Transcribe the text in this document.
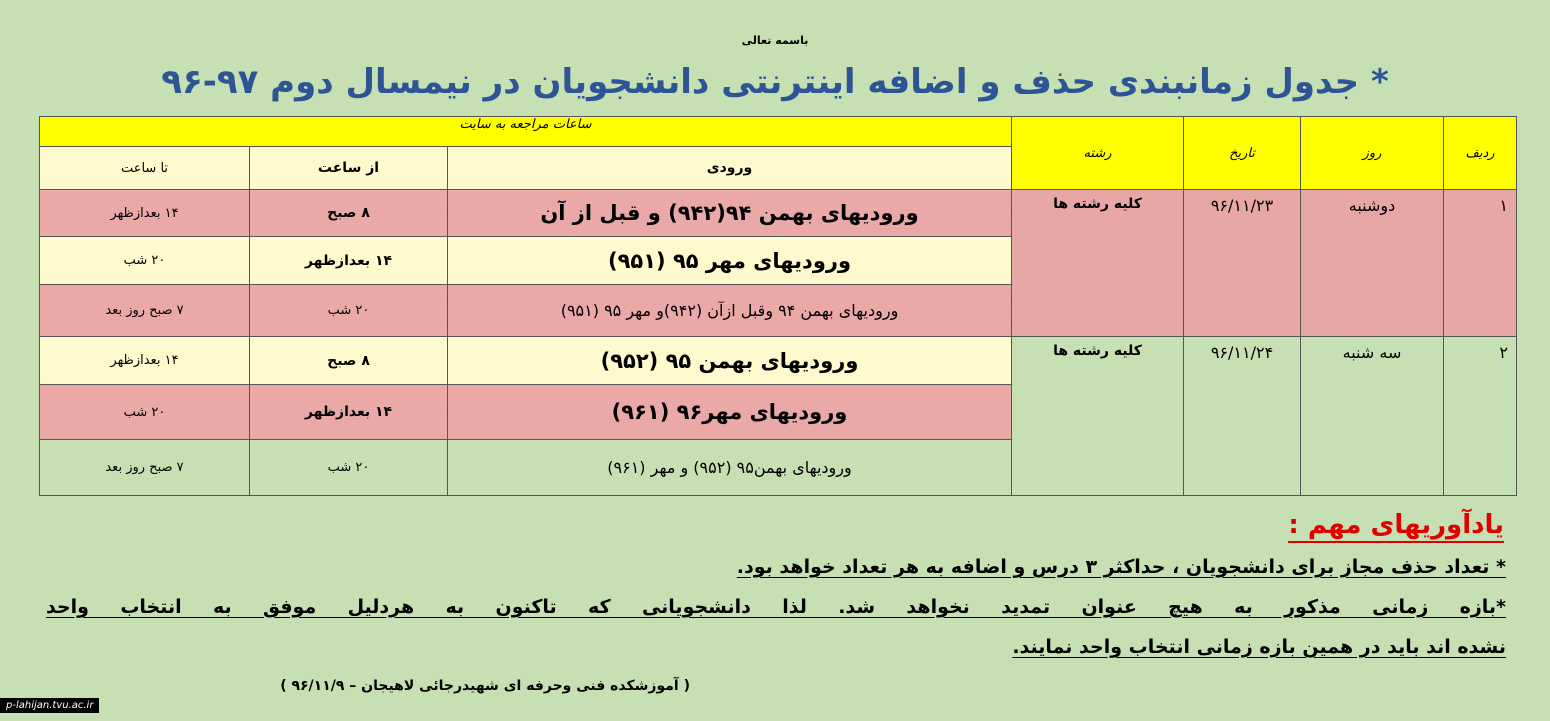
باسمه تعالی
* جدول زمانبندی حذف و اضافه اینترنتی دانشجویان در نیمسال دوم ۹۷-۹۶
ردیف	روز	تاریخ	رشته	ساعات مراجعه به سایت		
				ورودی	از ساعت	تا ساعت
۱	دوشنبه	۹۶/۱۱/۲۳	کلیه رشته ها	ورودیهای بهمن ۹۴(۹۴۲) و قبل از آن	۸ صبح	۱۴ بعدازظهر
				ورودیهای مهر ۹۵ (۹۵۱)	۱۴ بعدازظهر	۲۰ شب
				ورودیهای بهمن ۹۴ وقبل ازآن (۹۴۲)و مهر ۹۵ (۹۵۱)	۲۰ شب	۷ صبح روز بعد
۲	سه شنبه	۹۶/۱۱/۲۴	کلیه رشته ها	ورودیهای بهمن ۹۵ (۹۵۲)	۸ صبح	۱۴ بعدازظهر
				ورودیهای مهر۹۶ (۹۶۱)	۱۴ بعدازظهر	۲۰ شب
				ورودیهای بهمن۹۵ (۹۵۲) و مهر (۹۶۱)	۲۰ شب	۷ صبح روز بعد
یادآوریهای مهم :
* تعداد حذف مجاز برای دانشجویان ، حداکثر ۳ درس و اضافه به هر تعداد خواهد بود.
*بازه زمانی مذکور به هیچ عنوان تمدید نخواهد شد. لذا دانشجویانی که تاکنون به هردلیل موفق به انتخاب واحد
نشده اند باید در همین بازه زمانی انتخاب واحد نمایند.
( آموزشکده فنی وحرفه ای شهیدرجائی لاهیجان – ۹۶/۱۱/۹ )
p-lahijan.tvu.ac.ir
